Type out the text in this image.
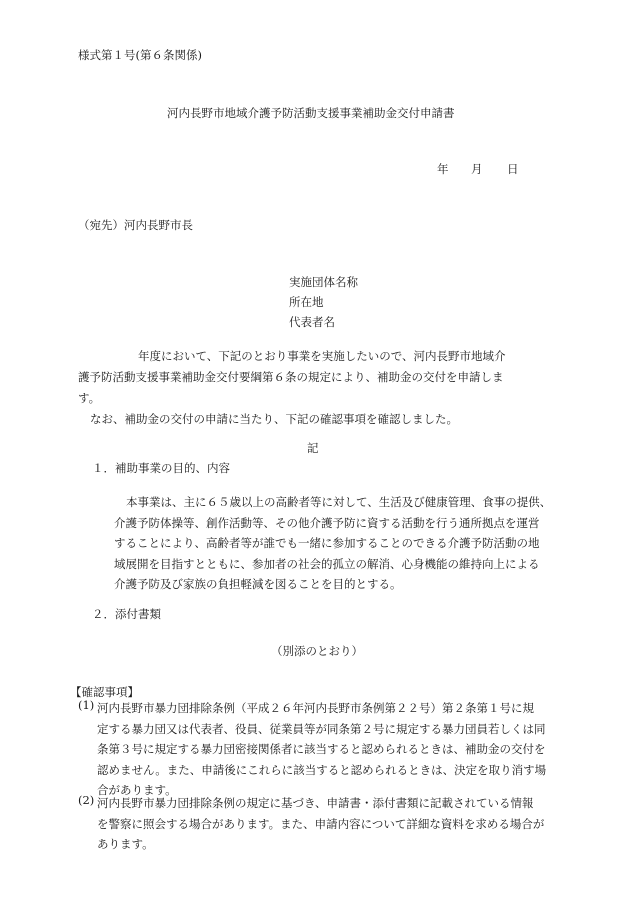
様式第１号(第６条関係)
河内長野市地域介護予防活動支援事業補助金交付申請書
年 月 日
（宛先）河内長野市長
実施団体名称
所在地
代表者名

年度において、下記のとおり事業を実施したいので、河内長野市地域介

護予防活動支援事業補助金交付要綱第６条の規定により、補助金の交付を申請しま

す。

なお、補助金の交付の申請に当たり、下記の確認事項を確認しました。

記
１．補助事業の目的、内容

本事業は、主に６５歳以上の高齢者等に対して、生活及び健康管理、食事の提供、

介護予防体操等、創作活動等、その他介護予防に資する活動を行う通所拠点を運営

することにより、高齢者等が誰でも一緒に参加することのできる介護予防活動の地

域展開を目指すとともに、参加者の社会的孤立の解消、心身機能の維持向上による

介護予防及び家族の負担軽減を図ることを目的とする。

２．添付書類
（別添のとおり）
【確認事項】
(1) 河内長野市暴力団排除条例（平成２６年河内長野市条例第２２号）第２条第１号に規

定する暴力団又は代表者、役員、従業員等が同条第２号に規定する暴力団員若しくは同

条第３号に規定する暴力団密接関係者に該当すると認められるときは、補助金の交付を

認めません。また、申請後にこれらに該当すると認められるときは、決定を取り消す場

合があります。

(2) 河内長野市暴力団排除条例の規定に基づき、申請書・添付書類に記載されている情報

を警察に照会する場合があります。また、申請内容について詳細な資料を求める場合が

あります。
